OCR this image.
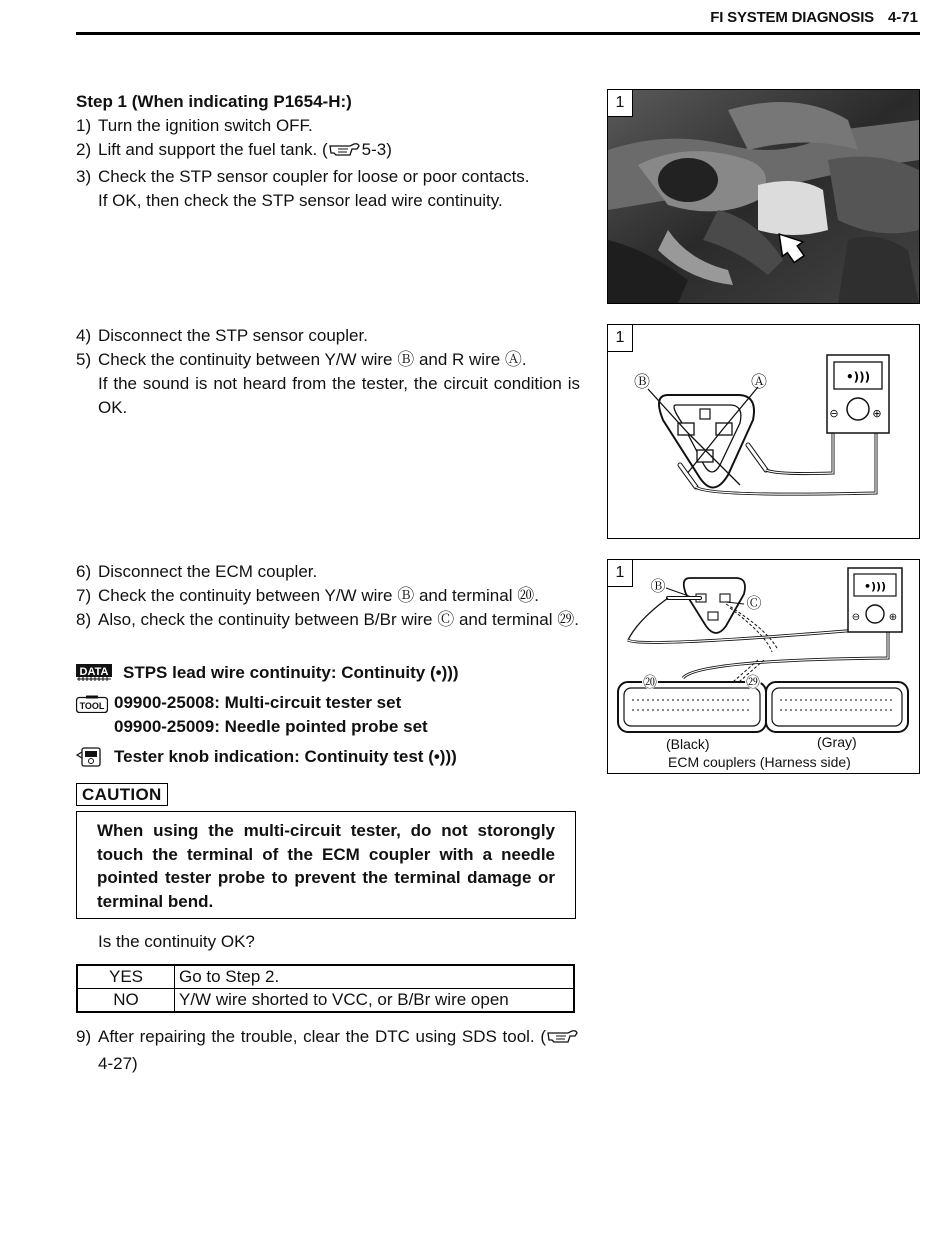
FI SYSTEM DIAGNOSIS 4-71
Step 1 (When indicating P1654-H:)
1) Turn the ignition switch OFF.
2) Lift and support the fuel tank. ( 5-3)
3) Check the STP sensor coupler for loose or poor contacts.
If OK, then check the STP sensor lead wire continuity.
4) Disconnect the STP sensor coupler.
5) Check the continuity between Y/W wire Ⓑ and R wire Ⓐ.
If the sound is not heard from the tester, the circuit condition is OK.
6) Disconnect the ECM coupler.
7) Check the continuity between Y/W wire Ⓑ and terminal ⑳.
8) Also, check the continuity between B/Br wire Ⓒ and terminal ㉙.
DATA STPS lead wire continuity: Continuity (•)))
TOOL 09900-25008: Multi-circuit tester set
09900-25009: Needle pointed probe set
Tester knob indication: Continuity test (•)))
CAUTION

When using the multi-circuit tester, do not storongly touch the terminal of the ECM coupler with a needle pointed tester probe to prevent the terminal damage or terminal bend.

Is the continuity OK?
YES	Go to Step 2.
NO	Y/W wire shorted to VCC, or B/Br wire open
9) After repairing the trouble, clear the DTC using SDS tool. (4-27)
1
•)))
⊖	⊕
Ⓑ	Ⓐ
1
Ⓑ
Ⓒ
•)))
⊖	⊕
⑳	㉙
1
(Black)	(Gray)
ECM couplers (Harness side)
